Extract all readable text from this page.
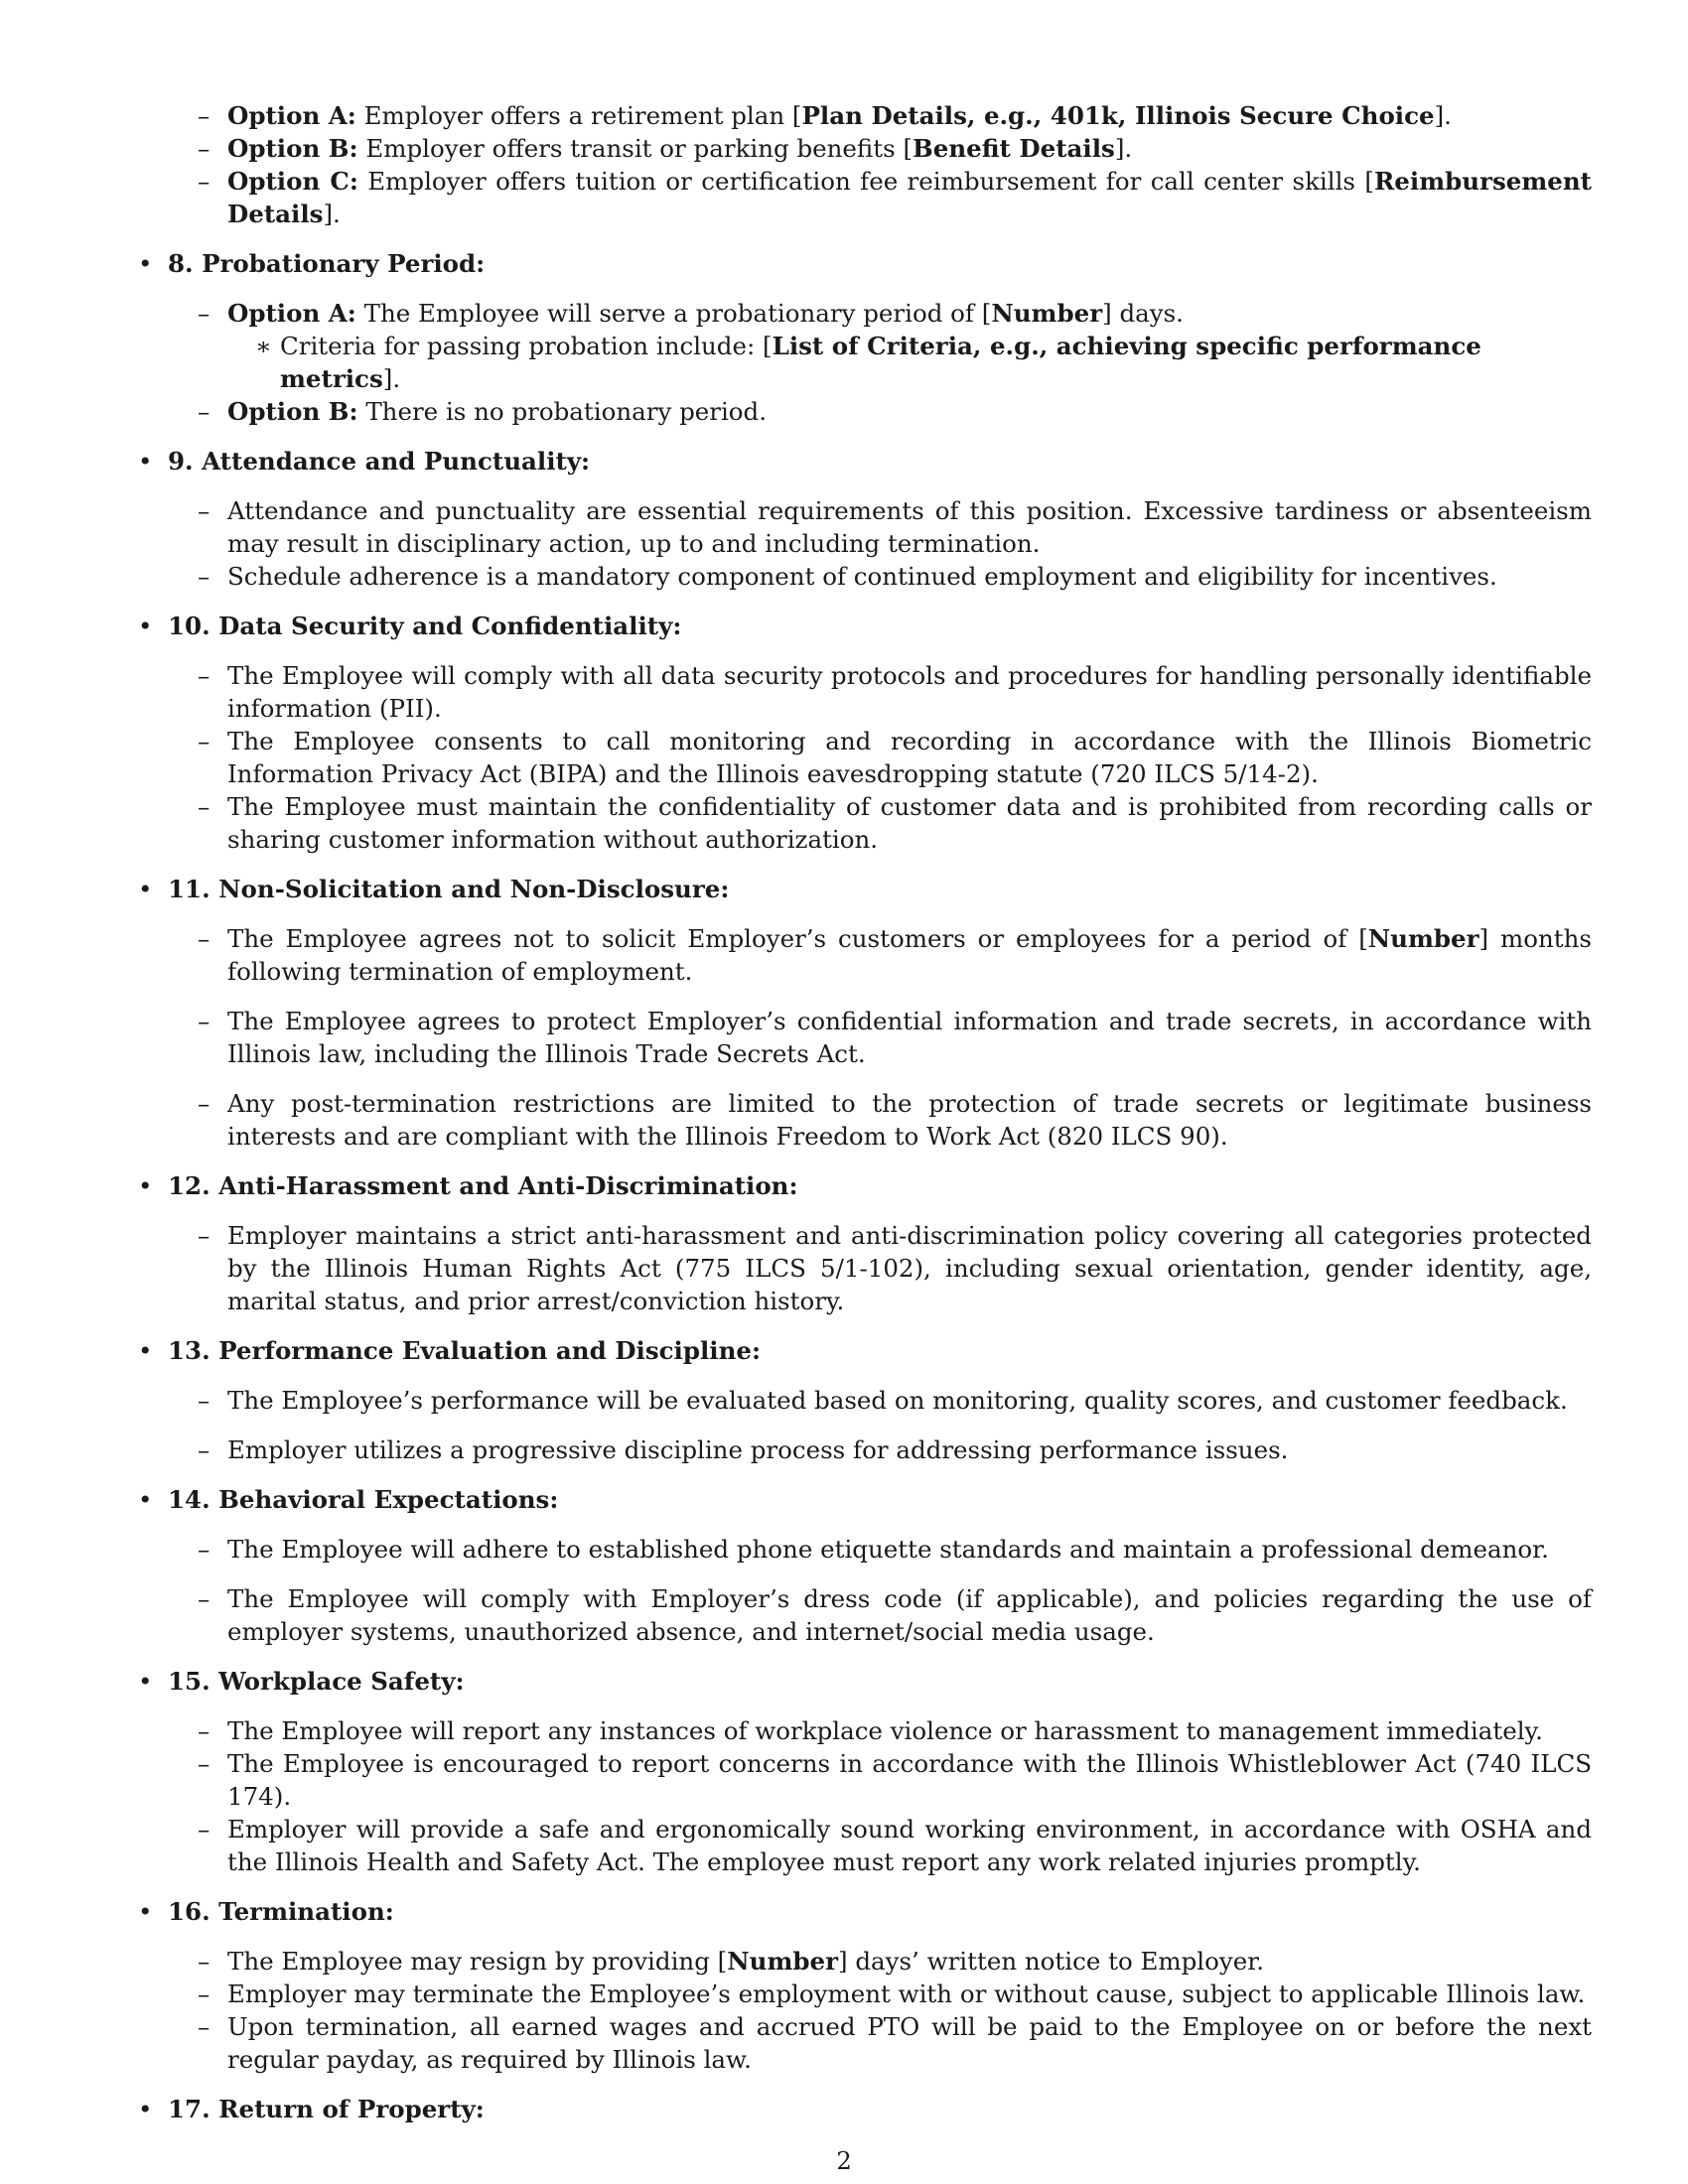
– Option A: Employer offers a retirement plan [Plan Details, e.g., 401k, Illinois Secure Choice].
– Option B: Employer offers transit or parking benefits [Benefit Details].
– Option C: Employer offers tuition or certification fee reimbursement for call center skills [Reimbursement Details].
• 8. Probationary Period:
– Option A: The Employee will serve a probationary period of [Number] days.
∗ Criteria for passing probation include: [List of Criteria, e.g., achieving specific performance metrics].
– Option B: There is no probationary period.
• 9. Attendance and Punctuality:
– Attendance and punctuality are essential requirements of this position. Excessive tardiness or absenteeism may result in disciplinary action, up to and including termination.
– Schedule adherence is a mandatory component of continued employment and eligibility for incentives.
• 10. Data Security and Confidentiality:
– The Employee will comply with all data security protocols and procedures for handling personally identifiable information (PII).
– The Employee consents to call monitoring and recording in accordance with the Illinois Biometric Information Privacy Act (BIPA) and the Illinois eavesdropping statute (720 ILCS 5/14-2).
– The Employee must maintain the confidentiality of customer data and is prohibited from recording calls or sharing customer information without authorization.
• 11. Non-Solicitation and Non-Disclosure:
– The Employee agrees not to solicit Employer’s customers or employees for a period of [Number] months following termination of employment.
– The Employee agrees to protect Employer’s confidential information and trade secrets, in accordance with Illinois law, including the Illinois Trade Secrets Act.
– Any post-termination restrictions are limited to the protection of trade secrets or legitimate business interests and are compliant with the Illinois Freedom to Work Act (820 ILCS 90).
• 12. Anti-Harassment and Anti-Discrimination:
– Employer maintains a strict anti-harassment and anti-discrimination policy covering all categories protected by the Illinois Human Rights Act (775 ILCS 5/1-102), including sexual orientation, gender identity, age, marital status, and prior arrest/conviction history.
• 13. Performance Evaluation and Discipline:
– The Employee’s performance will be evaluated based on monitoring, quality scores, and customer feedback.
– Employer utilizes a progressive discipline process for addressing performance issues.
• 14. Behavioral Expectations:
– The Employee will adhere to established phone etiquette standards and maintain a professional demeanor.
– The Employee will comply with Employer’s dress code (if applicable), and policies regarding the use of employer systems, unauthorized absence, and internet/social media usage.
• 15. Workplace Safety:
– The Employee will report any instances of workplace violence or harassment to management immediately.
– The Employee is encouraged to report concerns in accordance with the Illinois Whistleblower Act (740 ILCS 174).
– Employer will provide a safe and ergonomically sound working environment, in accordance with OSHA and the Illinois Health and Safety Act. The employee must report any work related injuries promptly.
• 16. Termination:
– The Employee may resign by providing [Number] days’ written notice to Employer.
– Employer may terminate the Employee’s employment with or without cause, subject to applicable Illinois law.
– Upon termination, all earned wages and accrued PTO will be paid to the Employee on or before the next regular payday, as required by Illinois law.
• 17. Return of Property:
2
